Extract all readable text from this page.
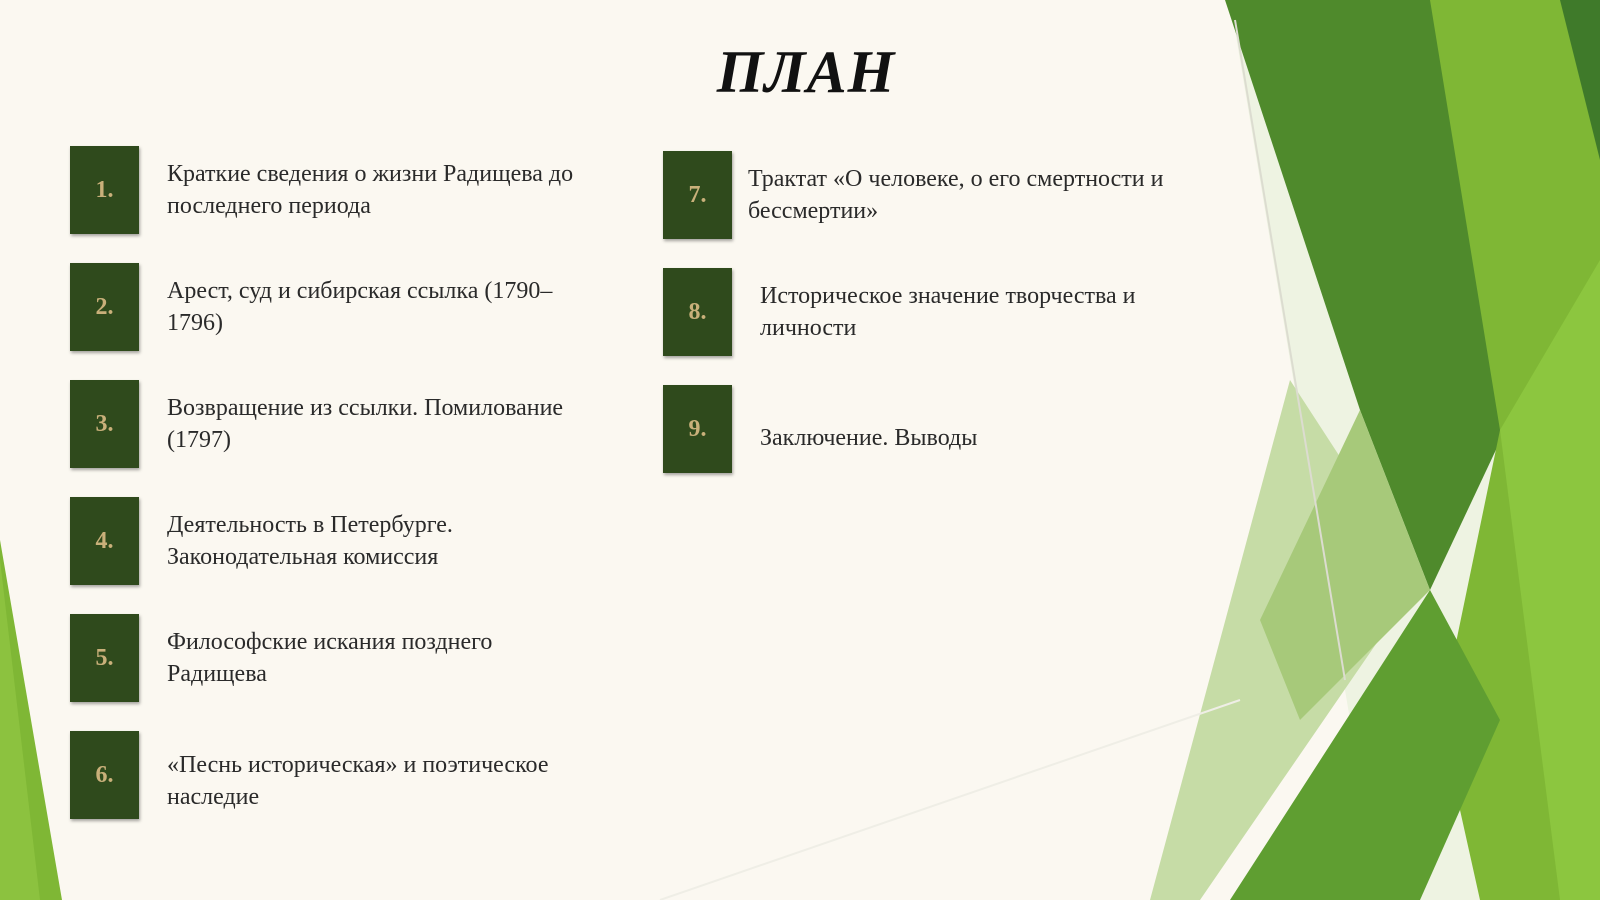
ПЛАН
1.
Краткие сведения о жизни Радищева до последнего периода
2.
Арест, суд и сибирская ссылка (1790–1796)
3.
Возвращение из ссылки. Помилование (1797)
4.
Деятельность в Петербурге. Законодательная комиссия
5.
Философские искания позднего Радищева
6. «Песнь историческая» и поэтическое наследие
7.
Трактат «О человеке, о его смертности и бессмертии»
8.
Историческое значение творчества и личности
9. Заключение. Выводы
